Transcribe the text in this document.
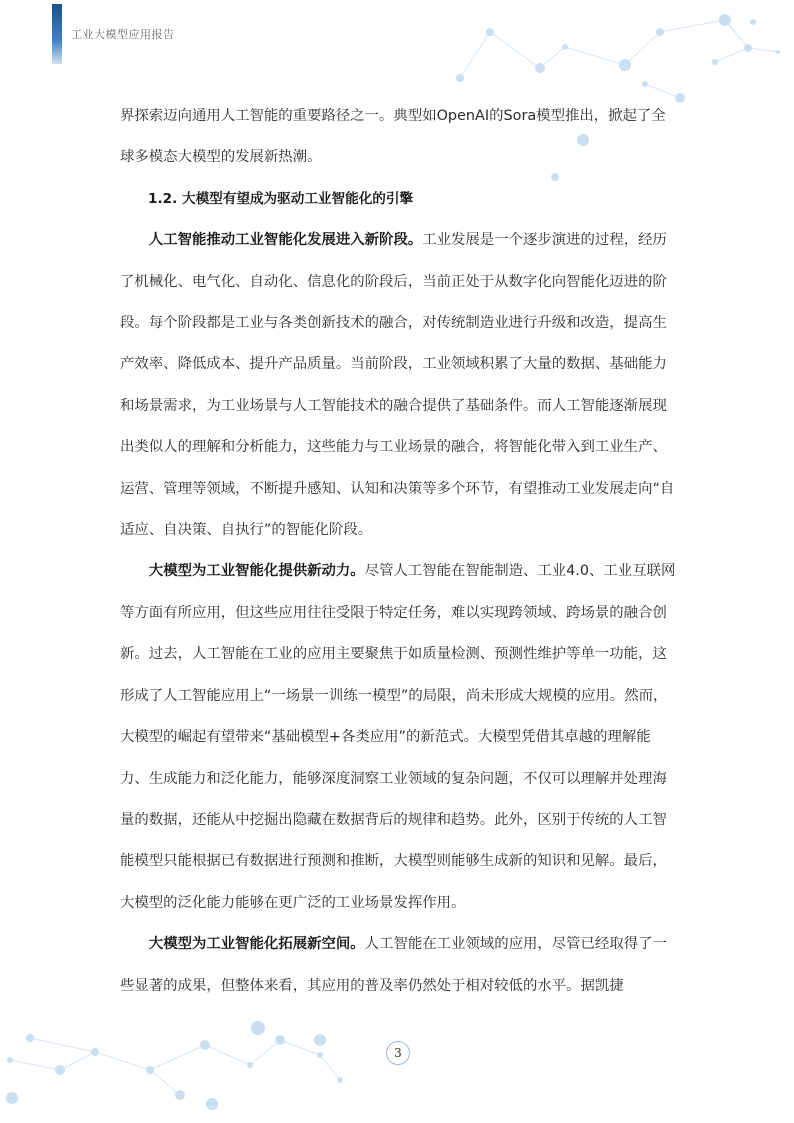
工业大模型应用报告

界探索迈向通用人工智能的重要路径之一。典型如OpenAI的Sora模型推出，掀起了全球多模态大模型的发展新热潮。

1.2. 大模型有望成为驱动工业智能化的引擎

人工智能推动工业智能化发展进入新阶段。工业发展是一个逐步演进的过程，经历了机械化、电气化、自动化、信息化的阶段后，当前正处于从数字化向智能化迈进的阶段。每个阶段都是工业与各类创新技术的融合，对传统制造业进行升级和改造，提高生产效率、降低成本、提升产品质量。当前阶段，工业领域积累了大量的数据、基础能力和场景需求，为工业场景与人工智能技术的融合提供了基础条件。而人工智能逐渐展现出类似人的理解和分析能力，这些能力与工业场景的融合，将智能化带入到工业生产、运营、管理等领域，不断提升感知、认知和决策等多个环节，有望推动工业发展走向“自适应、自决策、自执行”的智能化阶段。

大模型为工业智能化提供新动力。尽管人工智能在智能制造、工业4.0、工业互联网等方面有所应用，但这些应用往往受限于特定任务，难以实现跨领域、跨场景的融合创新。过去，人工智能在工业的应用主要聚焦于如质量检测、预测性维护等单一功能，这形成了人工智能应用上“一场景一训练一模型”的局限，尚未形成大规模的应用。然而，大模型的崛起有望带来“基础模型+各类应用”的新范式。大模型凭借其卓越的理解能力、生成能力和泛化能力，能够深度洞察工业领域的复杂问题，不仅可以理解并处理海量的数据，还能从中挖掘出隐藏在数据背后的规律和趋势。此外，区别于传统的人工智能模型只能根据已有数据进行预测和推断，大模型则能够生成新的知识和见解。最后，大模型的泛化能力能够在更广泛的工业场景发挥作用。

大模型为工业智能化拓展新空间。人工智能在工业领域的应用，尽管已经取得了一些显著的成果，但整体来看，其应用的普及率仍然处于相对较低的水平。据凯捷

3
